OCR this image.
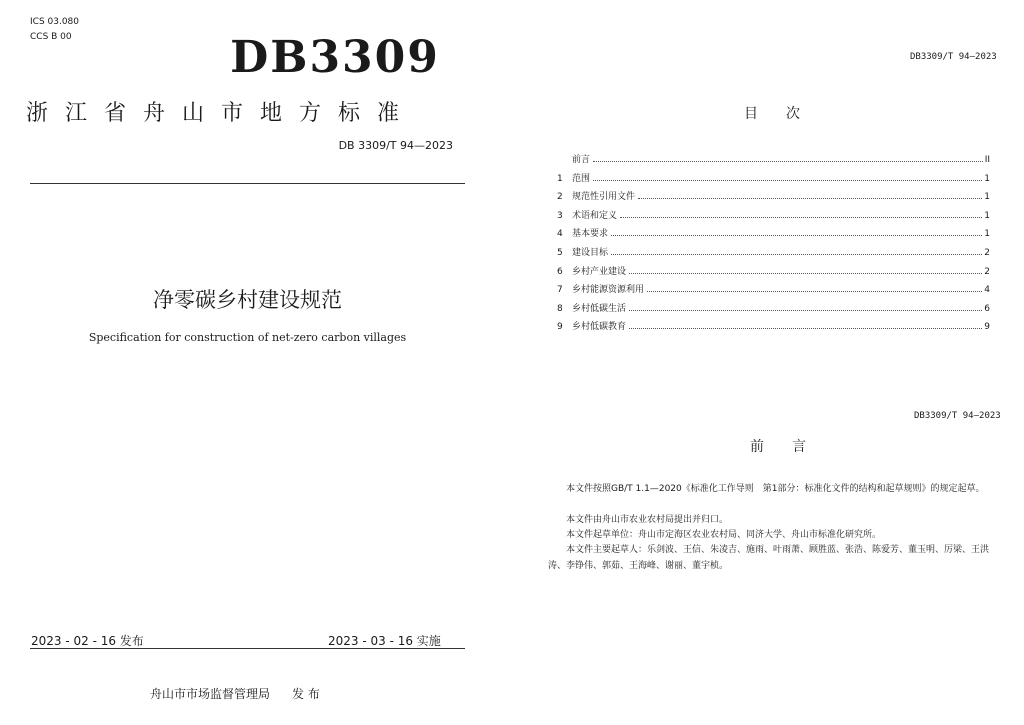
ICS 03.080
CCS B 00	DB3309
浙江省舟山市地方标准
DB 3309/T 94—2023
净零碳乡村建设规范
Specification for construction of net-zero carbon villages
2023 - 02 - 16 发布	2023 - 03 - 16 实施
舟山市市场监督管理局 发 布
DB3309/T 94—2023
目次
前言	II
1	范围	1
2	规范性引用文件	1
3	术语和定义	1
4	基本要求	1
5	建设目标	2
6	乡村产业建设	2
7	乡村能源资源利用	4
8	乡村低碳生活	6
9	乡村低碳教育	9
DB3309/T 94—2023
前言
本文件按照GB/T 1.1—2020《标准化工作导则　第1部分：标准化文件的结构和起草规则》的规定起草。
本文件由舟山市农业农村局提出并归口。
本文件起草单位：舟山市定海区农业农村局、同济大学、舟山市标准化研究所。
本文件主要起草人：乐剑波、王信、朱凌吉、施雨、叶雨萧、顾胜蓝、张浩、陈爱芳、董玉明、厉梁、王洪涛、李铮伟、郭茹、王海峰、谢丽、董宇桢。
